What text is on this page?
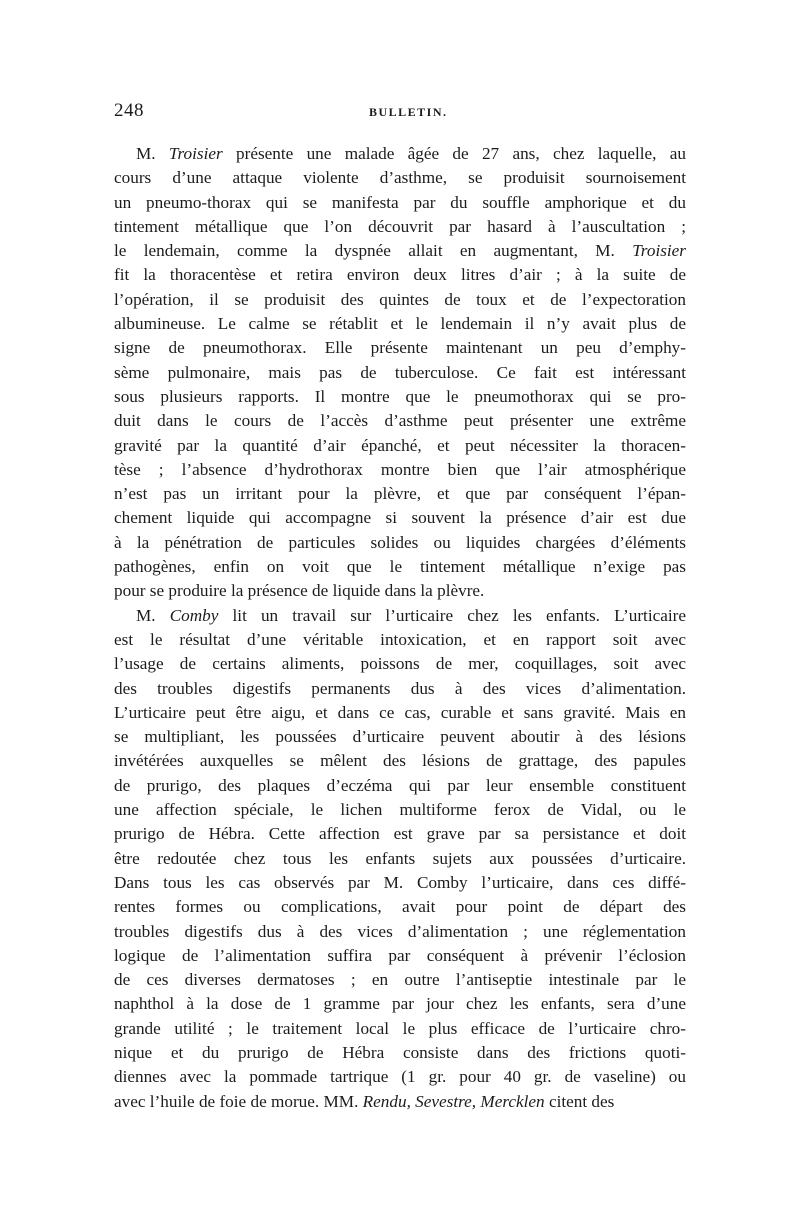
248	BULLETIN.
M. Troisier présente une malade âgée de 27 ans, chez laquelle, au
cours d’une attaque violente d’asthme, se produisit sournoisement
un pneumo-thorax qui se manifesta par du souffle amphorique et du
tintement métallique que l’on découvrit par hasard à l’auscultation ;
le lendemain, comme la dyspnée allait en augmentant, M. Troisier
fit la thoracentèse et retira environ deux litres d’air ; à la suite de
l’opération, il se produisit des quintes de toux et de l’expectoration
albumineuse. Le calme se rétablit et le lendemain il n’y avait plus de
signe de pneumothorax. Elle présente maintenant un peu d’emphy-
sème pulmonaire, mais pas de tuberculose. Ce fait est intéressant
sous plusieurs rapports. Il montre que le pneumothorax qui se pro-
duit dans le cours de l’accès d’asthme peut présenter une extrême
gravité par la quantité d’air épanché, et peut nécessiter la thoracen-
tèse ; l’absence d’hydrothorax montre bien que l’air atmosphérique
n’est pas un irritant pour la plèvre, et que par conséquent l’épan-
chement liquide qui accompagne si souvent la présence d’air est due
à la pénétration de particules solides ou liquides chargées d’éléments
pathogènes, enfin on voit que le tintement métallique n’exige pas
pour se produire la présence de liquide dans la plèvre.
M. Comby lit un travail sur l’urticaire chez les enfants. L’urticaire
est le résultat d’une véritable intoxication, et en rapport soit avec
l’usage de certains aliments, poissons de mer, coquillages, soit avec
des troubles digestifs permanents dus à des vices d’alimentation.
L’urticaire peut être aigu, et dans ce cas, curable et sans gravité. Mais en
se multipliant, les poussées d’urticaire peuvent aboutir à des lésions
invétérées auxquelles se mêlent des lésions de grattage, des papules
de prurigo, des plaques d’eczéma qui par leur ensemble constituent
une affection spéciale, le lichen multiforme ferox de Vidal, ou le
prurigo de Hébra. Cette affection est grave par sa persistance et doit
être redoutée chez tous les enfants sujets aux poussées d’urticaire.
Dans tous les cas observés par M. Comby l’urticaire, dans ces diffé-
rentes formes ou complications, avait pour point de départ des
troubles digestifs dus à des vices d’alimentation ; une réglementation
logique de l’alimentation suffira par conséquent à prévenir l’éclosion
de ces diverses dermatoses ; en outre l’antiseptie intestinale par le
naphthol à la dose de 1 gramme par jour chez les enfants, sera d’une
grande utilité ; le traitement local le plus efficace de l’urticaire chro-
nique et du prurigo de Hébra consiste dans des frictions quoti-
diennes avec la pommade tartrique (1 gr. pour 40 gr. de vaseline) ou
avec l’huile de foie de morue. MM. Rendu, Sevestre, Mercklen citent des
